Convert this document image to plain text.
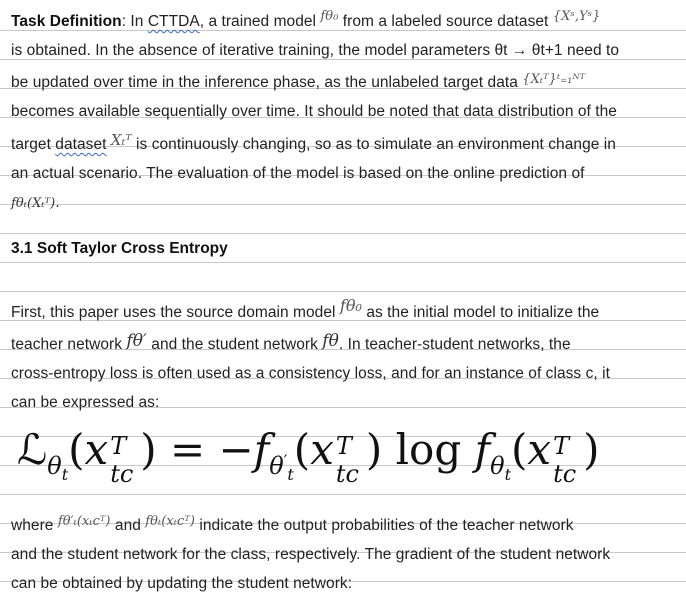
Task Definition: In CTTDA, a trained model $^{f\theta_0}$ from a labeled source dataset $^{\{Xˢ,Yˢ\}}$

is obtained. In the absence of iterative training, the model parameters θt → θt+1 need to

be updated over time in the inference phase, as the unlabeled target data $^{\{X_tᵀ\}ᵗ_{=1}ᴺᵀ}$

becomes available sequentially over time. It should be noted that data distribution of the

target dataset Xₜᵀ is continuously changing, so as to simulate an environment change in

an actual scenario. The evaluation of the model is based on the online prediction of

fθₜ(Xₜᵀ).

3.1 Soft Taylor Cross Entropy

First, this paper uses the source domain model fθ₀ as the initial model to initialize the

teacher network fθ′ and the student network fθ. In teacher-student networks, the

cross-entropy loss is often used as a consistency loss, and for an instance of class c, it

can be expressed as:

ℒ$_{\theta_t}$(x T
tc ) = $-f_{\theta'_t}(x$ T
tc ) $\log f_{\theta_t}(x$ T
tc )

where $^{f\theta'_t(x_tcᵀ)}$ and $^{f\theta_t(x_tcᵀ)}$ indicate the output probabilities of the teacher network

and the student network for the class, respectively. The gradient of the student network

can be obtained by updating the student network:
